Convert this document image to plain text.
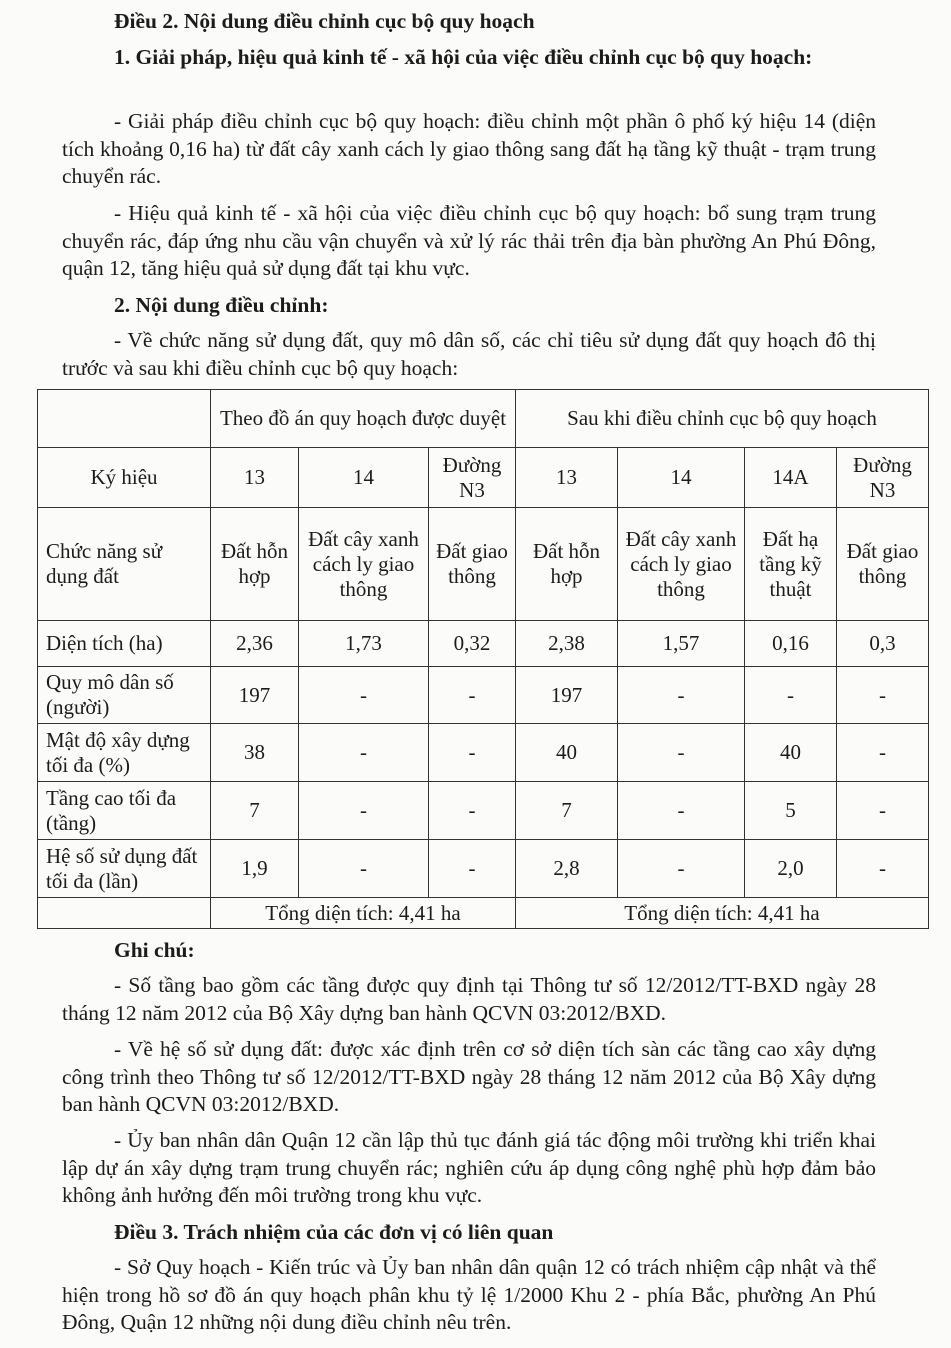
Điều 2. Nội dung điều chỉnh cục bộ quy hoạch

1. Giải pháp, hiệu quả kinh tế - xã hội của việc điều chỉnh cục bộ quy hoạch:

- Giải pháp điều chỉnh cục bộ quy hoạch: điều chỉnh một phần ô phố ký hiệu 14 (diện tích khoảng 0,16 ha) từ đất cây xanh cách ly giao thông sang đất hạ tầng kỹ thuật - trạm trung chuyển rác.

- Hiệu quả kinh tế - xã hội của việc điều chỉnh cục bộ quy hoạch: bổ sung trạm trung chuyển rác, đáp ứng nhu cầu vận chuyển và xử lý rác thải trên địa bàn phường An Phú Đông, quận 12, tăng hiệu quả sử dụng đất tại khu vực.

2. Nội dung điều chỉnh:

- Về chức năng sử dụng đất, quy mô dân số, các chỉ tiêu sử dụng đất quy hoạch đô thị trước và sau khi điều chỉnh cục bộ quy hoạch:

	Theo đồ án quy hoạch được duyệt			Sau khi điều chỉnh cục bộ quy hoạch			
Ký hiệu	13	14	Đường N3	13	14	14A	Đường N3
Chức năng sử dụng đất	Đất hỗn hợp	Đất cây xanh cách ly giao thông	Đất giao thông	Đất hỗn hợp	Đất cây xanh cách ly giao thông	Đất hạ tầng kỹ thuật	Đất giao thông
Diện tích (ha)	2,36	1,73	0,32	2,38	1,57	0,16	0,3
Quy mô dân số (người)	197	-	-	197	-	-	-
Mật độ xây dựng tối đa (%)	38	-	-	40	-	40	-
Tầng cao tối đa (tầng)	7	-	-	7	-	5	-
Hệ số sử dụng đất tối đa (lần)	1,9	-	-	2,8	-	2,0	-
	Tổng diện tích: 4,41 ha			Tổng diện tích: 4,41 ha			

Ghi chú:

- Số tầng bao gồm các tầng được quy định tại Thông tư số 12/2012/TT-BXD ngày 28 tháng 12 năm 2012 của Bộ Xây dựng ban hành QCVN 03:2012/BXD.

- Về hệ số sử dụng đất: được xác định trên cơ sở diện tích sàn các tầng cao xây dựng công trình theo Thông tư số 12/2012/TT-BXD ngày 28 tháng 12 năm 2012 của Bộ Xây dựng ban hành QCVN 03:2012/BXD.

- Ủy ban nhân dân Quận 12 cần lập thủ tục đánh giá tác động môi trường khi triển khai lập dự án xây dựng trạm trung chuyển rác; nghiên cứu áp dụng công nghệ phù hợp đảm bảo không ảnh hưởng đến môi trường trong khu vực.

Điều 3. Trách nhiệm của các đơn vị có liên quan

- Sở Quy hoạch - Kiến trúc và Ủy ban nhân dân quận 12 có trách nhiệm cập nhật và thể hiện trong hồ sơ đồ án quy hoạch phân khu tỷ lệ 1/2000 Khu 2 - phía Bắc, phường An Phú Đông, Quận 12 những nội dung điều chỉnh nêu trên.
